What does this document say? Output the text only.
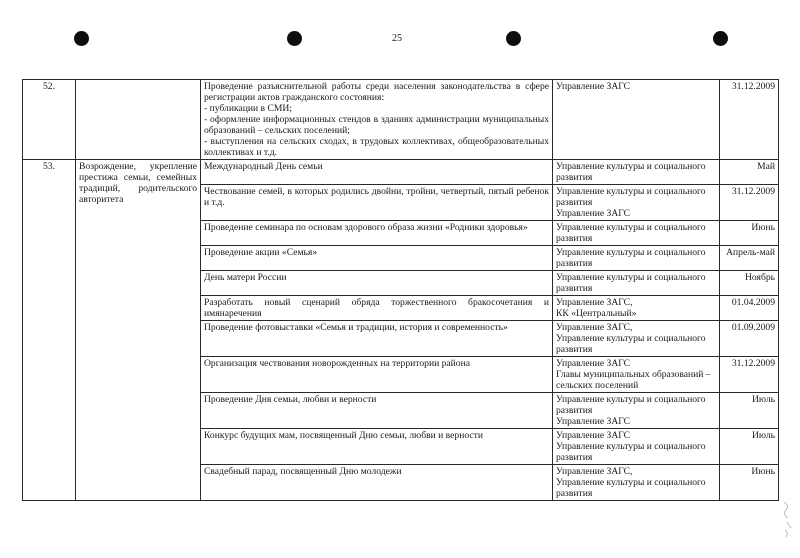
25
52.		Проведение разъяснительной работы среди населения законодательства в сфере регистрации актов гражданского состояния:
- публикации в СМИ;
- оформление информационных стендов в зданиях администрации муниципальных образований – сельских поселений;
- выступления на сельских сходах, в трудовых коллективах, общеобразовательных коллективах и т.д.	Управление ЗАГС	31.12.2009
53.	Возрождение, укрепление престижа семьи, семейных традиций, родительского авторитета	Международный День семьи	Управление культуры и социального развития	Май

		Чествование семей, в которых родились двойни, тройни, четвертый, пятый ребенок и т.д.	Управление культуры и социального развития
Управление ЗАГС	31.12.2009

		Проведение семинара по основам здорового образа жизни «Родники здоровья»	Управление культуры и социального развития	Июнь

		Проведение акции «Семья»	Управление культуры и социального развития	Апрель-май

		День матери России	Управление культуры и социального развития	Ноябрь

		Разработать новый сценарий обряда торжественного бракосочетания и имянаречения	Управление ЗАГС,
КК «Центральный»	01.04.2009

		Проведение фотовыставки «Семья и традиции, история и современность»	Управление ЗАГС,
Управление культуры и социального развития	01.09.2009

		Организация чествования новорожденных на территории района	Управление ЗАГС
Главы муниципальных образований – сельских поселений	31.12.2009

		Проведение Дня семьи, любви и верности	Управление культуры и социального развития
Управление ЗАГС	Июль

		Конкурс будущих мам, посвященный Дню семьи, любви и верности	Управление ЗАГС
Управление культуры и социального развития	Июль

		Свадебный парад, посвященный Дню молодежи	Управление ЗАГС,
Управление культуры и социального развития	Июнь
